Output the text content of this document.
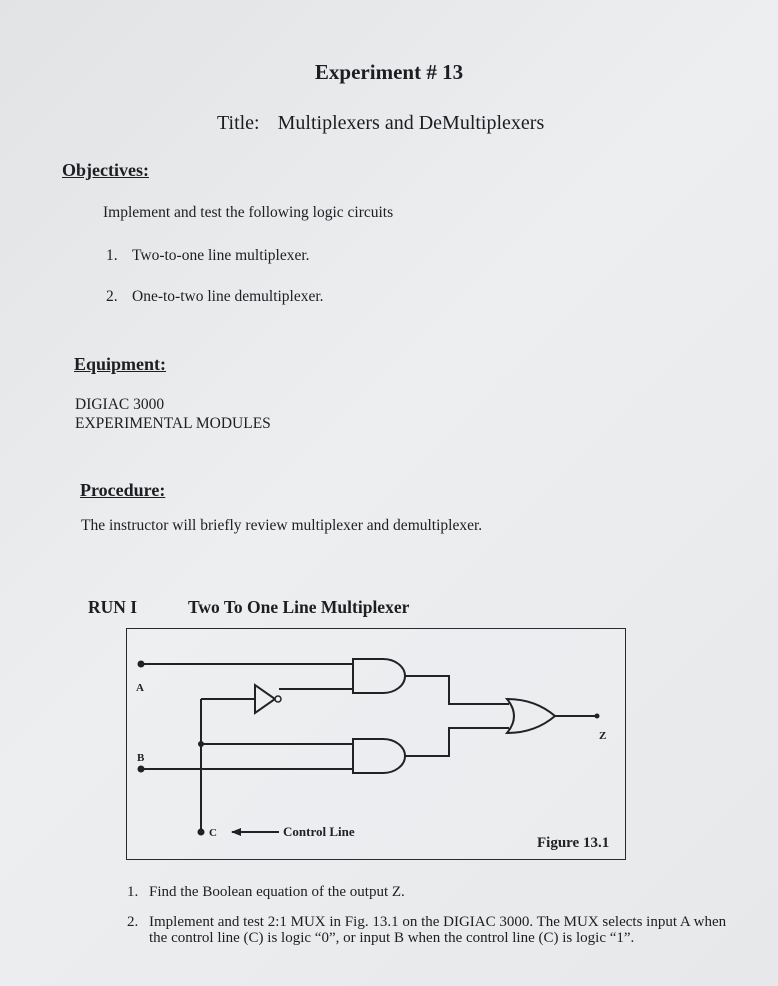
Experiment # 13
Title: Multiplexers and DeMultiplexers
Objectives:
Implement and test the following logic circuits
1. Two-to-one line multiplexer.
2. One-to-two line demultiplexer.
Equipment:
DIGIAC 3000
EXPERIMENTAL MODULES
Procedure:
The instructor will briefly review multiplexer and demultiplexer.
RUN I	Two To One Line Multiplexer
A
B
C
Z
Control Line
Figure 13.1
1. Find the Boolean equation of the output Z.
2. Implement and test 2:1 MUX in Fig. 13.1 on the DIGIAC 3000. The MUX selects input A when the control line (C) is logic “0”, or input B when the control line (C) is logic “1”.
